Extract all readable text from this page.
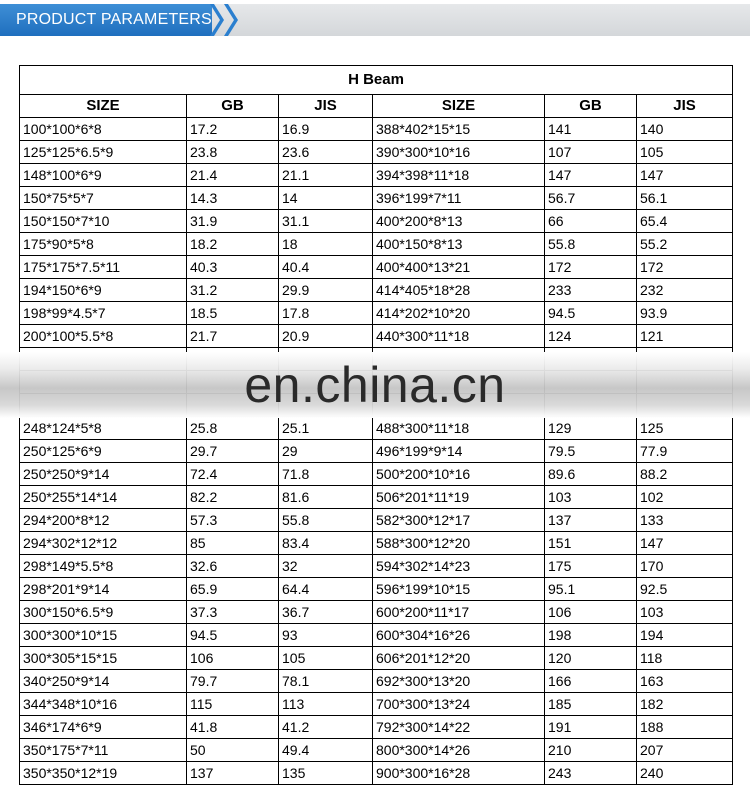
PRODUCT PARAMETERS
H Beam					
SIZE	GB	JIS	SIZE	GB	JIS
100*100*6*8	17.2	16.9	388*402*15*15	141	140
125*125*6.5*9	23.8	23.6	390*300*10*16	107	105
148*100*6*9	21.4	21.1	394*398*11*18	147	147
150*75*5*7	14.3	14	396*199*7*11	56.7	56.1
150*150*7*10	31.9	31.1	400*200*8*13	66	65.4
175*90*5*8	18.2	18	400*150*8*13	55.8	55.2
175*175*7.5*11	40.3	40.4	400*400*13*21	172	172
194*150*6*9	31.2	29.9	414*405*18*28	233	232
198*99*4.5*7	18.5	17.8	414*202*10*20	94.5	93.9
200*100*5.5*8	21.7	20.9	440*300*11*18	124	121

248*124*5*8	25.8	25.1	488*300*11*18	129	125
250*125*6*9	29.7	29	496*199*9*14	79.5	77.9
250*250*9*14	72.4	71.8	500*200*10*16	89.6	88.2
250*255*14*14	82.2	81.6	506*201*11*19	103	102
294*200*8*12	57.3	55.8	582*300*12*17	137	133
294*302*12*12	85	83.4	588*300*12*20	151	147
298*149*5.5*8	32.6	32	594*302*14*23	175	170
298*201*9*14	65.9	64.4	596*199*10*15	95.1	92.5
300*150*6.5*9	37.3	36.7	600*200*11*17	106	103
300*300*10*15	94.5	93	600*304*16*26	198	194
300*305*15*15	106	105	606*201*12*20	120	118
340*250*9*14	79.7	78.1	692*300*13*20	166	163
344*348*10*16	115	113	700*300*13*24	185	182
346*174*6*9	41.8	41.2	792*300*14*22	191	188
350*175*7*11	50	49.4	800*300*14*26	210	207
350*350*12*19	137	135	900*300*16*28	243	240
en.china.cn
